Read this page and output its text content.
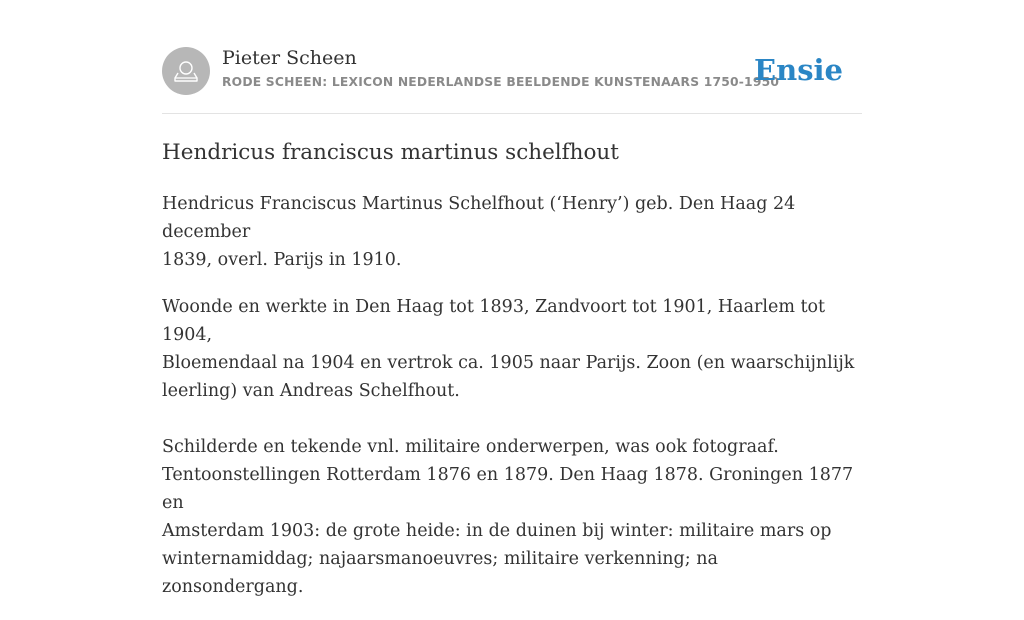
Pieter Scheen
RODE SCHEEN: LEXICON NEDERLANDSE BEELDENDE KUNSTENAARS 1750-1950
Ensie
Hendricus franciscus martinus schelfhout

Hendricus Franciscus Martinus Schelfhout (‘Henry’) geb. Den Haag 24 december
1839, overl. Parijs in 1910.

Woonde en werkte in Den Haag tot 1893, Zandvoort tot 1901, Haarlem tot 1904,
Bloemendaal na 1904 en vertrok ca. 1905 naar Parijs. Zoon (en waarschijnlijk
leerling) van Andreas Schelfhout.

Schilderde en tekende vnl. militaire onderwerpen, was ook fotograaf.
Tentoonstellingen Rotterdam 1876 en 1879. Den Haag 1878. Groningen 1877 en
Amsterdam 1903: de grote heide: in de duinen bij winter: militaire mars op
winternamiddag; najaarsmanoeuvres; militaire verkenning; na zonsondergang.
